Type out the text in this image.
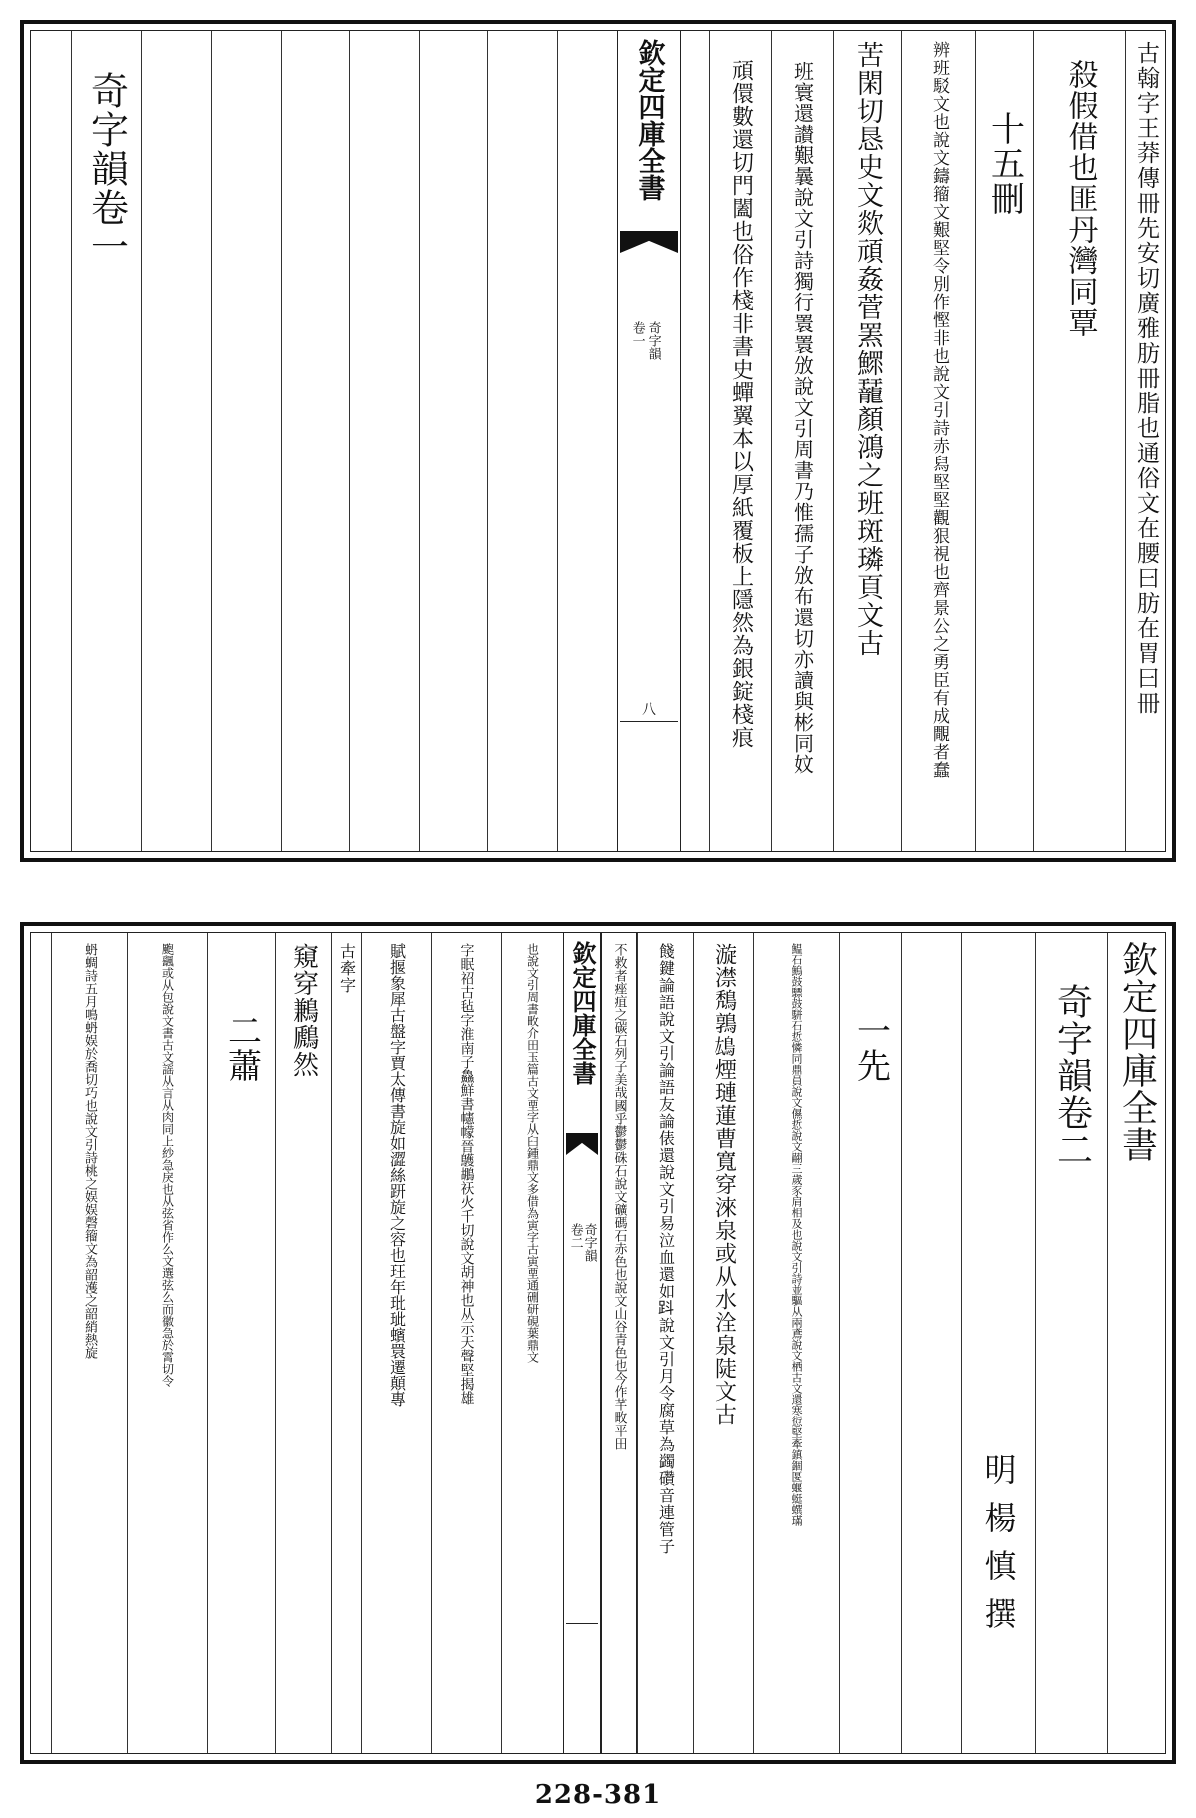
古翰字王莽傳冊先安切廣雅肪冊脂也通俗文在腰曰肪在胃曰冊
殺假借也匪丹灣同覃
十五刪
辨班駁文也說文鑄籀文艱堅令別作慳非也說文引詩赤舄堅堅觀狠視也齊景公之勇臣有成覸者蠢
苦閑切恳史文欻頑姦菅罴鰥䶬顏鴻之班斑璘頁文古
班寰還讃艱曩說文引詩獨行瞏瞏攽說文引周書乃惟孺子攽布還切亦讀與彬同妏
頑儇數還切門闔也俗作棧非書史蟬翼本以厚紙覆板上隱然為銀錠棧痕
欽定四庫全書
奇字韻
卷一
八
奇字韻卷一
欽定四庫全書
奇字韻卷二
明楊慎撰
一先
鰛石鰞鼓驃鼓駢石悊憐同鼎員說文儑悊說文翤三歲豕肩相及也說文引詩並驅从兩鳶說文栖古文還寒愆堅牽鎮錮匽蝘蜓蟤璊
漩澿鵚鶉𩿅煙璉蓮曹寬穿淶泉或从水洤泉陡文古
餞鍵論語說文引論語友論俵還說文引易泣血還如𧿫說文引月令腐草為蠲礸音連管子
不救者痤疽之碳石列子美哉國乎鬱鬱硃石說文礦碼石赤色也說文山谷青色也今作芊畋平田
欽定四庫全書
奇字韻
卷二
也說文引周書畋介田玉篇古文垔字从臼鍾鼎文多借為寅字古寅垔通硎研硯葉鼎文
字眠祒古毡字淮南子鱻鮮書幰幪晉鸌鶘祆火千切說文胡神也从示天聲堅揭雄
賦揠象犀古盤字賈太傳書旋如澀絲趼旋之容也玨年玭玼蠙睘遷顛專
古牽字
窺穿鶼鷉然
二蕭
颮颻或从包說文書古文謡从言从肉同上紗急戾也从弦省作么文選弦么而徽急於霄切令
蚒蜩詩五月鳴蚒娱於喬切巧也說文引詩桃之娱娱磬籀文為韶濩之韶綃熱旋
228-381
